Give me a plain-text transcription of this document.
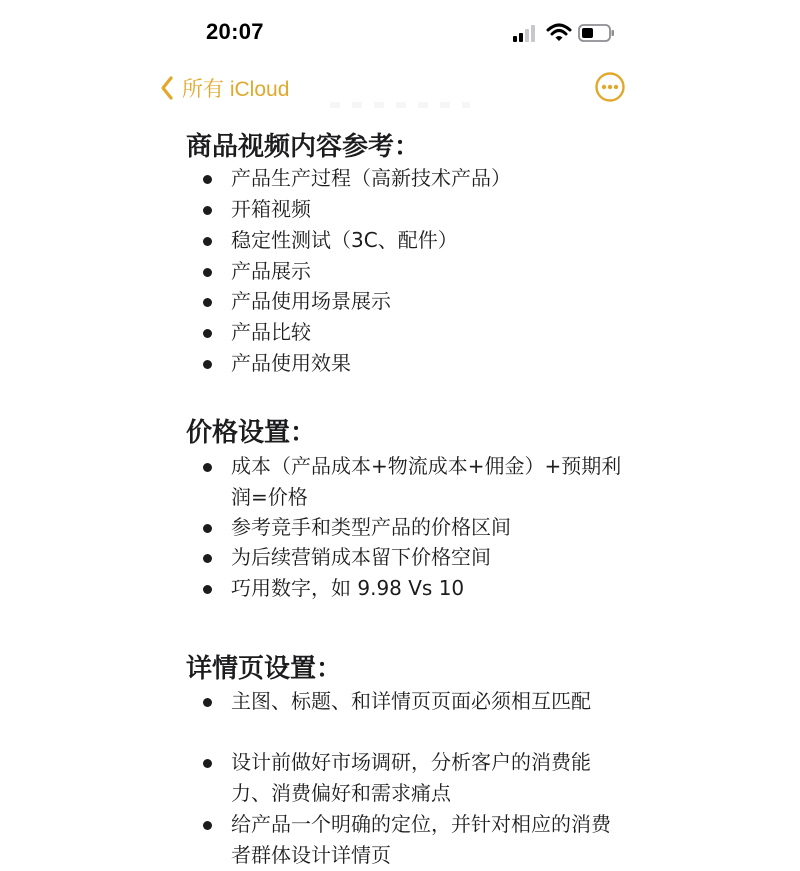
20:07
所有 iCloud
商品视频内容参考：
产品生产过程（高新技术产品）
开箱视频
稳定性测试（3C、配件）
产品展示
产品使用场景展示
产品比较
产品使用效果
价格设置：
成本（产品成本+物流成本+佣金）+预期利润=价格
参考竞手和类型产品的价格区间
为后续营销成本留下价格空间
巧用数字，如 9.98 Vs 10
详情页设置：
主图、标题、和详情页页面必须相互匹配
设计前做好市场调研，分析客户的消费能力、消费偏好和需求痛点
给产品一个明确的定位，并针对相应的消费者群体设计详情页
